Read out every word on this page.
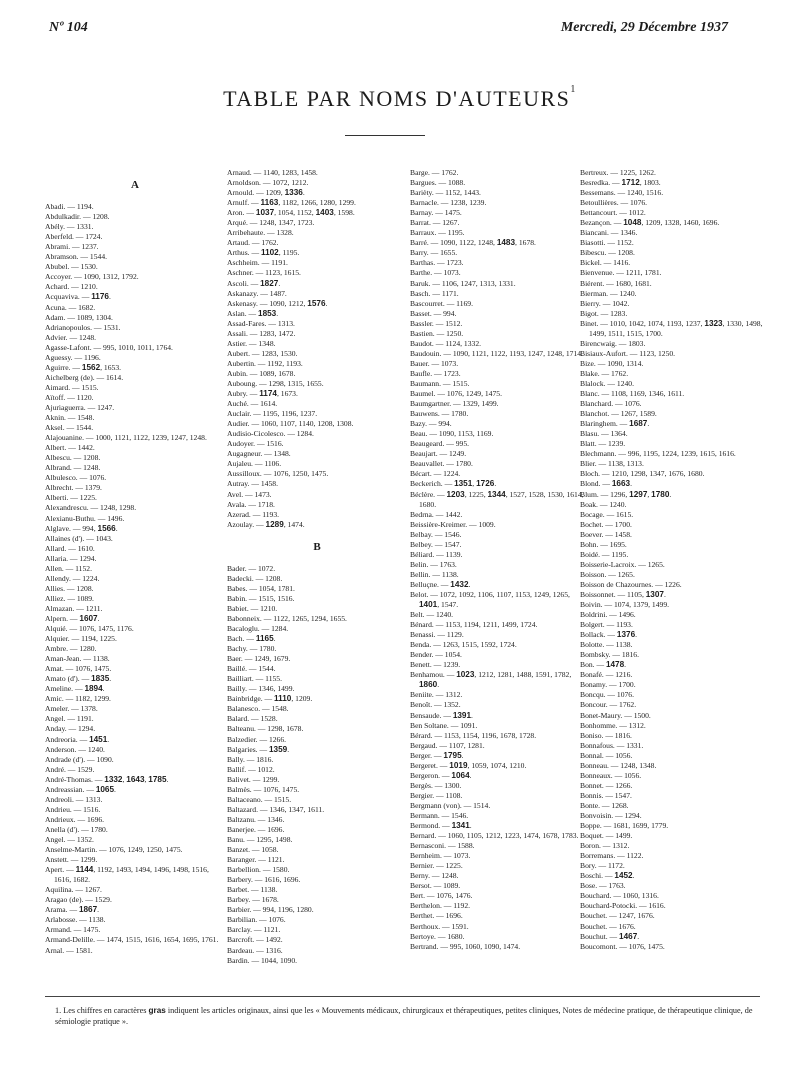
Nº 104	Mercredi, 29 Décembre 1937
TABLE PAR NOMS D'AUTEURS$^1$
A

Abadi. — 1194.

Abdulkadir. — 1208.

Abély. — 1331.

Aberfeld. — 1724.

Abrami. — 1237.

Abramson. — 1544.

Abubel. — 1530.

Accoyer. — 1090, 1312, 1792.

Achard. — 1210.

Acquaviva. — 1176.

Acuna. — 1682.

Adam. — 1089, 1304.

Adrianopoulos. — 1531.

Advier. — 1248.

Agasse-Lafont. — 995, 1010, 1011, 1764.

Aguessy. — 1196.

Aguirre. — 1562, 1653.

Aichelberg (de). — 1614.

Aimard. — 1515.

Aïtoff. — 1120.

Ajuriaguerra. — 1247.

Aknin. — 1548.

Aksel. — 1544.

Alajouanine. — 1000, 1121, 1122, 1239, 1247, 1248.

Albert. — 1442.

Albescu. — 1208.

Albrand. — 1248.

Albulesco. — 1076.

Albrecht. — 1379.

Alberti. — 1225.

Alexandrescu. — 1248, 1298.

Alexianu-Buthu. — 1496.

Alglave. — 994, 1566.

Allaines (d'). — 1043.

Allard. — 1610.

Allaria. — 1294.

Allen. — 1152.

Allendy. — 1224.

Allies. — 1208.

Alliez. — 1089.

Almazan. — 1211.

Alpern. — 1607.

Alquié. — 1076, 1475, 1176.

Alquier. — 1194, 1225.

Ambre. — 1280.

Aman-Jean. — 1138.

Amat. — 1076, 1475.

Amato (d'). — 1835.

Ameline. — 1894.

Amic. — 1182, 1299.

Ameler. — 1378.

Angel. — 1191.

Anday. — 1294.

Andreoria. — 1451.

Anderson. — 1240.

Andrade (d'). — 1090.

André. — 1529.

André-Thomas. — 1332, 1643, 1785.

Andreassian. — 1065.

Andreoli. — 1313.

Andrieu. — 1516.

Andrieux. — 1696.

Anella (d'). — 1780.

Angel. — 1352.

Anselme-Martin. — 1076, 1249, 1250, 1475.

Anstett. — 1299.

Apert. — 1144, 1192, 1493, 1494, 1496, 1498, 1516, 1616, 1682.

Aquilina. — 1267.

Aragao (de). — 1529.

Arama. — 1867.

Arlabosse. — 1138.

Armand. — 1475.

Armand-Delille. — 1474, 1515, 1616, 1654, 1695, 1761.

Arnal. — 1581.

Arnaud. — 1140, 1283, 1458.

Arnoldson. — 1072, 1212.

Arnould. — 1209, 1336.

Arnulf. — 1163, 1182, 1266, 1280, 1299.

Aron. — 1037, 1054, 1152, 1403, 1598.

Arqué. — 1248, 1347, 1723.

Arribehaute. — 1328.

Artaud. — 1762.

Arthus. — 1102, 1195.

Aschheim. — 1191.

Aschner. — 1123, 1615.

Ascoli. — 1827.

Askanazy. — 1487.

Askenasy. — 1090, 1212, 1576.

Aslan. — 1853.

Assad-Fares. — 1313.

Assali. — 1283, 1472.

Astier. — 1348.

Aubert. — 1283, 1530.

Aubertin. — 1192, 1193.

Aubin. — 1089, 1678.

Auboung. — 1298, 1315, 1655.

Aubry. — 1174, 1673.

Auché. — 1614.

Auclair. — 1195, 1196, 1237.

Audier. — 1060, 1107, 1140, 1208, 1308.

Audisio-Cicolesco. — 1284.

Audoyer. — 1516.

Augagneur. — 1348.

Aujaleu. — 1106.

Aussilloux. — 1076, 1250, 1475.

Autray. — 1458.

Avel. — 1473.

Avala. — 1718.

Azerad. — 1193.

Azoulay. — 1289, 1474.

B

Bader. — 1072.

Badecki. — 1208.

Babes. — 1054, 1781.

Babin. — 1515, 1516.

Babiet. — 1210.

Babonneix. — 1122, 1265, 1294, 1655.

Bacaloglu. — 1284.

Bach. — 1165.

Bachy. — 1780.

Baer. — 1249, 1679.

Baillé. — 1544.

Bailliart. — 1155.

Bailly. — 1346, 1499.

Bainbridge. — 1110, 1209.

Balanesco. — 1548.

Balard. — 1528.

Balteanu. — 1298, 1678.

Balzedier. — 1266.

Balgaries. — 1359.

Bally. — 1816.

Ballif. — 1012.

Balivet. — 1299.

Balmès. — 1076, 1475.

Baltaceano. — 1515.

Baltazard. — 1346, 1347, 1611.

Baltzanu. — 1346.

Banerjee. — 1696.

Banu. — 1295, 1498.

Banzet. — 1058.

Baranger. — 1121.

Barbellion. — 1580.

Barbery. — 1616, 1696.

Barbet. — 1138.

Barbey. — 1678.

Barbier. — 994, 1196, 1280.

Barbilian. — 1076.

Barclay. — 1121.

Barcroft. — 1492.

Bardeau. — 1316.

Bardin. — 1044, 1090.

Barge. — 1762.

Bargues. — 1088.

Barièty. — 1152, 1443.

Barnacle. — 1238, 1239.

Barnay. — 1475.

Barrat. — 1267.

Barraux. — 1195.

Barré. — 1090, 1122, 1248, 1483, 1678.

Barry. — 1655.

Barthas. — 1723.

Barthe. — 1073.

Baruk. — 1106, 1247, 1313, 1331.

Basch. — 1171.

Bascourret. — 1169.

Basset. — 994.

Bassler. — 1512.

Bastien. — 1250.

Baudot. — 1124, 1332.

Baudouin. — 1090, 1121, 1122, 1193, 1247, 1248, 1714.

Bauer. — 1073.

Baufle. — 1723.

Baumann. — 1515.

Baumel. — 1076, 1249, 1475.

Baumgartner. — 1329, 1499.

Bauwens. — 1780.

Bazy. — 994.

Beau. — 1090, 1153, 1169.

Beaugeard. — 995.

Beaujart. — 1249.

Beauvallet. — 1780.

Bécart. — 1224.

Beckerich. — 1351, 1726.

Béclère. — 1203, 1225, 1344, 1527, 1528, 1530, 1614, 1680.

Bedrna. — 1442.

Beissière-Kreimer. — 1009.

Belbay. — 1546.

Belbey. — 1547.

Béliard. — 1139.

Belin. — 1763.

Bellin. — 1138.

Belluçne. — 1432.

Belot. — 1072, 1092, 1106, 1107, 1153, 1249, 1265, 1401, 1547.

Belt. — 1240.

Bénard. — 1153, 1194, 1211, 1499, 1724.

Benassi. — 1129.

Benda. — 1263, 1515, 1592, 1724.

Bender. — 1054.

Benett. — 1239.

Benhamou. — 1023, 1212, 1281, 1488, 1591, 1782, 1860.

Beniite. — 1312.

Benoît. — 1352.

Bensaude. — 1391.

Ben Soltane. — 1091.

Bérard. — 1153, 1154, 1196, 1678, 1728.

Bergaud. — 1107, 1281.

Berger. — 1795.

Bergeret. — 1019, 1059, 1074, 1210.

Bergeron. — 1064.

Bergès. — 1300.

Bergier. — 1108.

Bergmann (von). — 1514.

Bermann. — 1546.

Bermond. — 1341.

Bernard. — 1060, 1105, 1212, 1223, 1474, 1678, 1783.

Bernasconi. — 1588.

Bernheim. — 1073.

Bernier. — 1225.

Berny. — 1248.

Bersot. — 1089.

Bert. — 1076, 1476.

Berthelon. — 1192.

Berthet. — 1696.

Berthoux. — 1591.

Bertoye. — 1680.

Bertrand. — 995, 1060, 1090, 1474.

Bertreux. — 1225, 1262.

Besredka. — 1712, 1803.

Bessemans. — 1240, 1516.

Betoullières. — 1076.

Bettancourt. — 1012.

Bezançon. — 1048, 1209, 1328, 1460, 1696.

Biancani. — 1346.

Biasotti. — 1152.

Bibescu. — 1208.

Bickel. — 1416.

Bienvenue. — 1211, 1781.

Biérent. — 1680, 1681.

Bierman. — 1240.

Bierry. — 1042.

Bigot. — 1283.

Binet. — 1010, 1042, 1074, 1193, 1237, 1323, 1330, 1498, 1499, 1511, 1515, 1700.

Birencwaig. — 1803.

Bisiaux-Aufort. — 1123, 1250.

Bize. — 1090, 1314.

Blake. — 1762.

Blalock. — 1240.

Blanc. — 1108, 1169, 1346, 1611.

Blanchard. — 1076.

Blanchot. — 1267, 1589.

Blaringhem. — 1687.

Blasu. — 1364.

Blatt. — 1239.

Blechmann. — 996, 1195, 1224, 1239, 1615, 1616.

Blier. — 1138, 1313.

Bloch. — 1210, 1298, 1347, 1676, 1680.

Blond. — 1663.

Blum. — 1296, 1297, 1780.

Boak. — 1240.

Bocage. — 1615.

Bochet. — 1700.

Boever. — 1458.

Bohn. — 1695.

Boidé. — 1195.

Boisserie-Lacroix. — 1265.

Boisson. — 1265.

Boisson de Chazournes. — 1226.

Boissonnet. — 1105, 1307.

Boivin. — 1074, 1379, 1499.

Boldrini. — 1496.

Bolgert. — 1193.

Bollack. — 1376.

Bolotte. — 1138.

Bombsky. — 1816.

Bon. — 1478.

Bonafé. — 1216.

Bonamy. — 1700.

Boncqu. — 1076.

Boncour. — 1762.

Bonet-Maury. — 1500.

Bonhomme. — 1312.

Boniso. — 1816.

Bonnafous. — 1331.

Bonnal. — 1056.

Bonneau. — 1248, 1348.

Bonneaux. — 1056.

Bonnet. — 1266.

Bonnis. — 1547.

Bonte. — 1268.

Bonvoisin. — 1294.

Boppe. — 1681, 1699, 1779.

Boquet. — 1499.

Boron. — 1312.

Borremans. — 1122.

Bory. — 1172.

Boschi. — 1452.

Bose. — 1763.

Bouchard. — 1060, 1316.

Bouchard-Potocki. — 1616.

Bouchet. — 1247, 1676.

Bouchet. — 1676.

Bouchut. — 1467.

Boucomont. — 1076, 1475.

1. Les chiffres en caractères gras indiquent les articles originaux, ainsi que les « Mouvements médicaux, chirurgicaux et thérapeutiques, petites cliniques, Notes de médecine pratique, de thérapeutique clinique, de sémiologie pratique ».
